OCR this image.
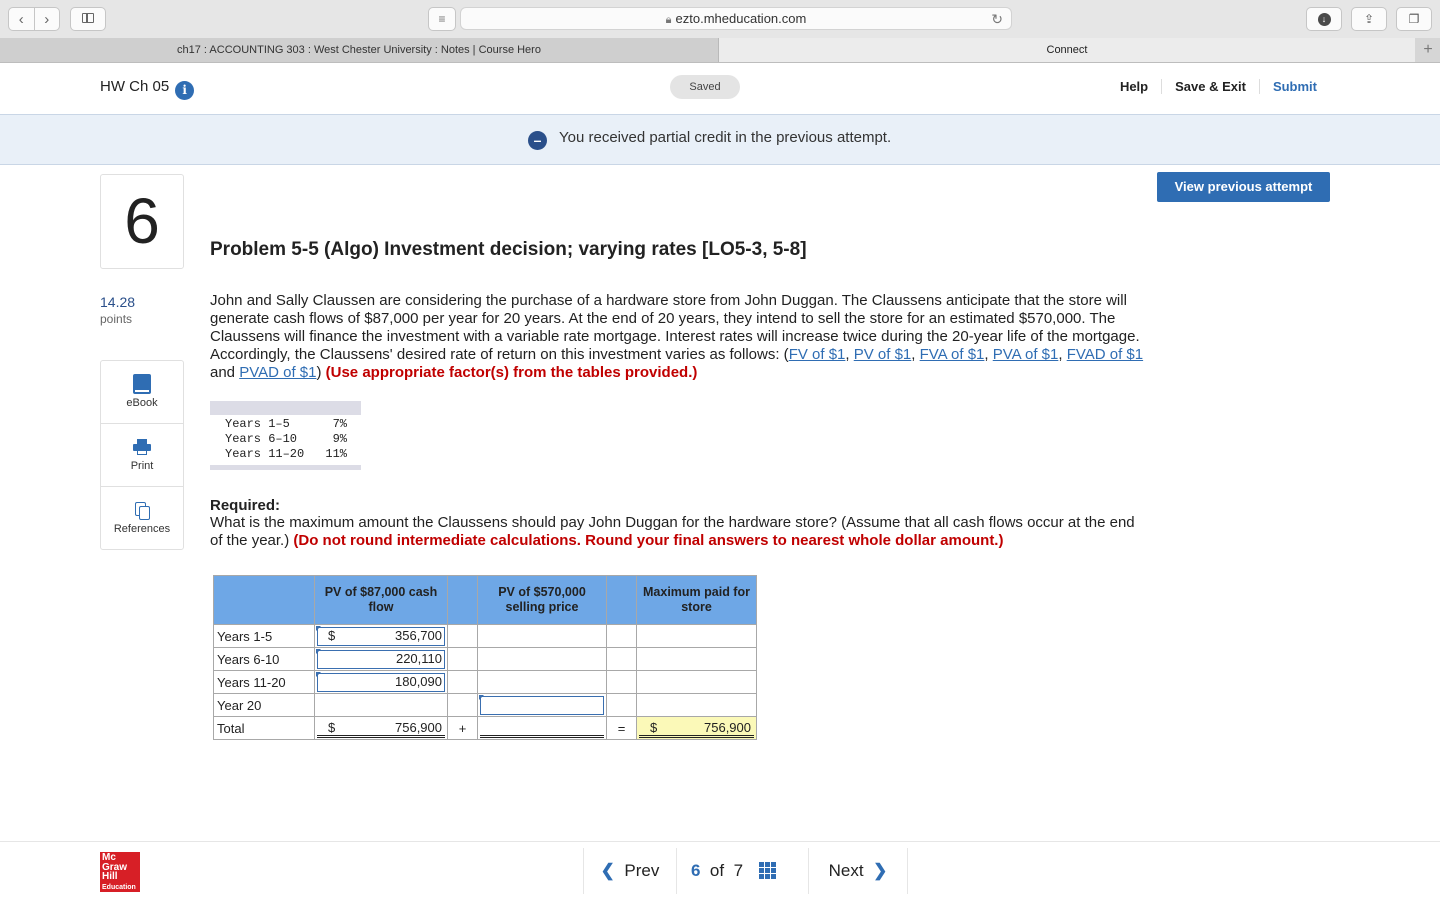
‹	›	≡	🔒︎ ezto.mheducation.com	↻	↓	⇪	❐
ch17 : ACCOUNTING 303 : West Chester University : Notes | Course Hero	Connect	+
HW Ch 05 i	Saved	Help	Save & Exit	Submit
– You received partial credit in the previous attempt.
View previous attempt
6
14.28
points
eBook
Print
References
Problem 5-5 (Algo) Investment decision; varying rates [LO5-3, 5-8]
John and Sally Claussen are considering the purchase of a hardware store from John Duggan. The Claussens anticipate that the store will generate cash flows of $87,000 per year for 20 years. At the end of 20 years, they intend to sell the store for an estimated $570,000. The Claussens will finance the investment with a variable rate mortgage. Interest rates will increase twice during the 20-year life of the mortgage. Accordingly, the Claussens' desired rate of return on this investment varies as follows: (FV of $1, PV of $1, FVA of $1, PVA of $1, FVAD of $1 and PVAD of $1) (Use appropriate factor(s) from the tables provided.)
Years 1–5	7%
Years 6–10	9%
Years 11–20 11%
Required:
What is the maximum amount the Claussens should pay John Duggan for the hardware store? (Assume that all cash flows occur at the end of the year.) (Do not round intermediate calculations. Round your final answers to nearest whole dollar amount.)
	PV of $87,000 cash flow		PV of $570,000 selling price		Maximum paid for store
Years 1-5	$ 356,700				

Years 6-10	220,110				

Years 11-20	180,090				

Year 20			

Total	$ 756,900	+		=	$ 756,900
Mc
Graw
Hill
Education
❮ Prev	6 of 7	Next ❯
